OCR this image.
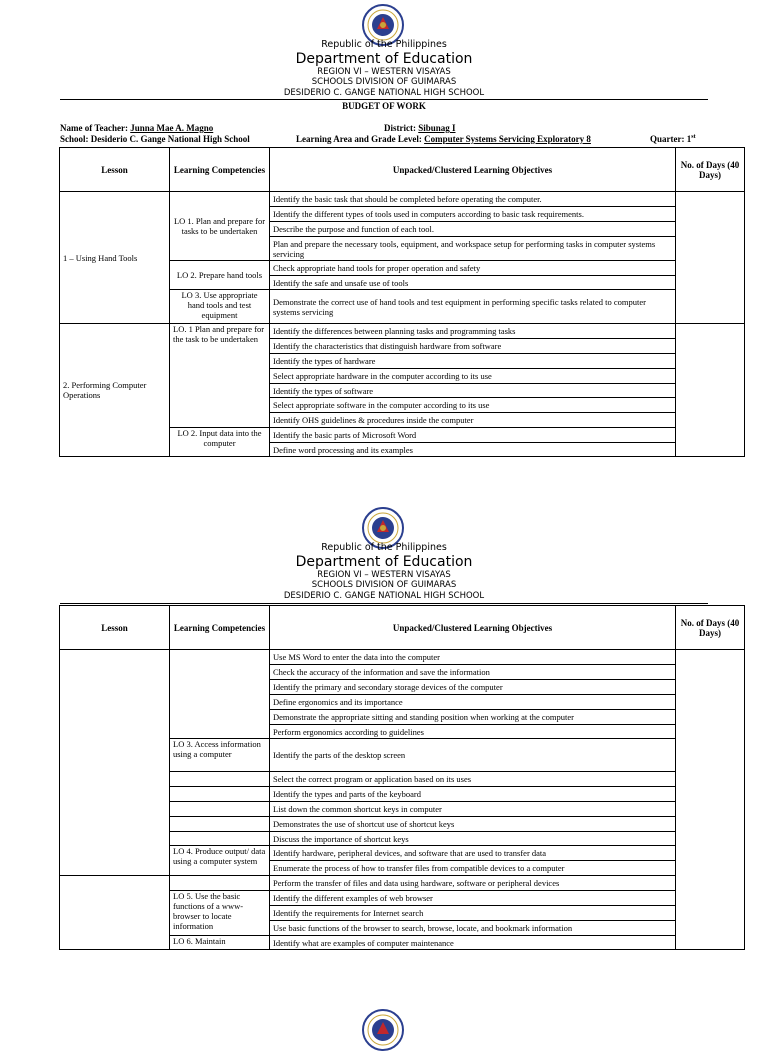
Republic of the Philippines
Department of Education
REGION VI – WESTERN VISAYAS
SCHOOLS DIVISION OF GUIMARAS
DESIDERIO C. GANGE NATIONAL HIGH SCHOOL
BUDGET OF WORK
Name of Teacher: Junna Mae A. Magno	District: Sibunag I
School: Desiderio C. Gange National High School	Learning Area and Grade Level: Computer Systems Servicing Exploratory 8	Quarter: 1st
Lesson	Learning Competencies	Unpacked/Clustered Learning Objectives	No. of Days (40 Days)
1 – Using Hand Tools	LO 1. Plan and prepare for tasks to be undertaken	Identify the basic task that should be completed before operating the computer.	
		Identify the different types of tools used in computers according to basic task requirements.	
		Describe the purpose and function of each tool.	
		Plan and prepare the necessary tools, equipment, and workspace setup for performing tasks in computer systems servicing	
	LO 2. Prepare hand tools	Check appropriate hand tools for proper operation and safety	
		Identify the safe and unsafe use of tools	
	LO 3. Use appropriate hand tools and test equipment	Demonstrate the correct use of hand tools and test equipment in performing specific tasks related to computer systems servicing	
2. Performing Computer Operations	LO. 1 Plan and prepare for the task to be undertaken	Identify the differences between planning tasks and programming tasks	
		Identify the characteristics that distinguish hardware from software	
		Identify the types of hardware	
		Select appropriate hardware in the computer according to its use	
		Identify the types of software	
		Select appropriate software in the computer according to its use	
		Identify OHS guidelines & procedures inside the computer	
	LO 2. Input data into the computer	Identify the basic parts of Microsoft Word	
		Define word processing and its examples	
Republic of the Philippines
Department of Education
REGION VI – WESTERN VISAYAS
SCHOOLS DIVISION OF GUIMARAS
DESIDERIO C. GANGE NATIONAL HIGH SCHOOL
Lesson	Learning Competencies	Unpacked/Clustered Learning Objectives	No. of Days (40 Days)
		Use MS Word to enter the data into the computer	
		Check the accuracy of the information and save the information	
		Identify the primary and secondary storage devices of the computer	
		Define ergonomics and its importance	
		Demonstrate the appropriate sitting and standing position when working at the computer	
		Perform ergonomics according to guidelines	
	LO 3. Access information using a computer	Identify the parts of the desktop screen	
		Select the correct program or application based on its uses	
		Identify the types and parts of the keyboard	
		List down the common shortcut keys in computer	
		Demonstrates the use of shortcut use of shortcut keys	
		Discuss the importance of shortcut keys	
	LO 4. Produce output/ data using a computer system	Identify hardware, peripheral devices, and software that are used to transfer data	
		Enumerate the process of how to transfer files from compatible devices to a computer	
		Perform the transfer of files and data using hardware, software or peripheral devices	
	LO 5. Use the basic functions of a www-browser to locate information	Identify the different examples of web browser	
		Identify the requirements for Internet search	
		Use basic functions of the browser to search, browse, locate, and bookmark information	
	LO 6. Maintain	Identify what are examples of computer maintenance	
